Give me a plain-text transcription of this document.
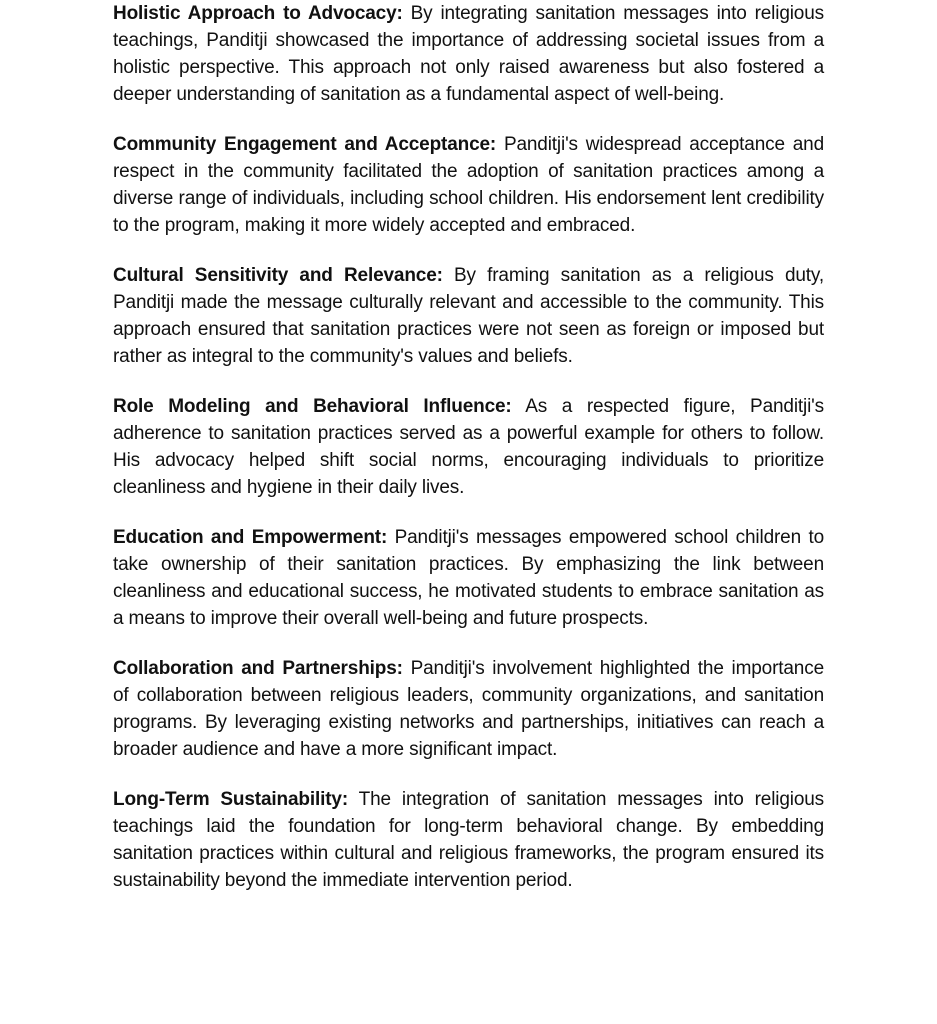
Holistic Approach to Advocacy: By integrating sanitation messages into religious teachings, Panditji showcased the importance of addressing societal issues from a holistic perspective. This approach not only raised awareness but also fostered a deeper understanding of sanitation as a fundamental aspect of well-being.

Community Engagement and Acceptance: Panditji's widespread acceptance and respect in the community facilitated the adoption of sanitation practices among a diverse range of individuals, including school children. His endorsement lent credibility to the program, making it more widely accepted and embraced.

Cultural Sensitivity and Relevance: By framing sanitation as a religious duty, Panditji made the message culturally relevant and accessible to the community. This approach ensured that sanitation practices were not seen as foreign or imposed but rather as integral to the community's values and beliefs.

Role Modeling and Behavioral Influence: As a respected figure, Panditji's adherence to sanitation practices served as a powerful example for others to follow. His advocacy helped shift social norms, encouraging individuals to prioritize cleanliness and hygiene in their daily lives.

Education and Empowerment: Panditji's messages empowered school children to take ownership of their sanitation practices. By emphasizing the link between cleanliness and educational success, he motivated students to embrace sanitation as a means to improve their overall well-being and future prospects.

Collaboration and Partnerships: Panditji's involvement highlighted the importance of collaboration between religious leaders, community organizations, and sanitation programs. By leveraging existing networks and partnerships, initiatives can reach a broader audience and have a more significant impact.

Long-Term Sustainability: The integration of sanitation messages into religious teachings laid the foundation for long-term behavioral change. By embedding sanitation practices within cultural and religious frameworks, the program ensured its sustainability beyond the immediate intervention period.
